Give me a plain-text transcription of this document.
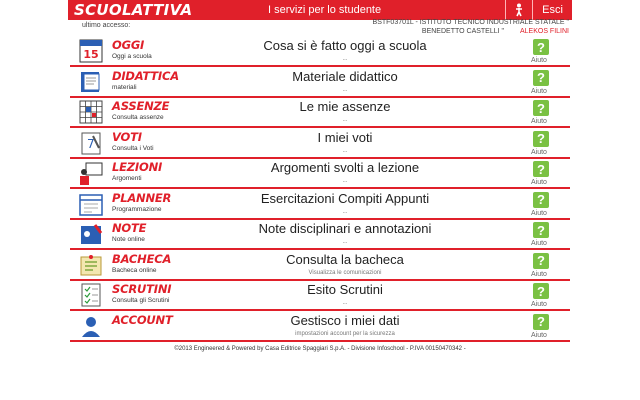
SCUOLATTIVA	I servizi per lo studente	Esci
ultimo accesso:	BSTF03701L - ISTITUTO TECNICO INDUSTRIALE STATALE " BENEDETTO CASTELLI " ALEKOS FILINI
15
OGGI
Oggi a scuola
Cosa si è fatto oggi a scuola
...
?
Aiuto
DIDATTICA
materiali
Materiale didattico
...
?
Aiuto
ASSENZE
Consulta assenze
Le mie assenze
...
?
Aiuto
7 VOTI
Consulta i Voti
I miei voti
...
?
Aiuto
LEZIONI
Argomenti
Argomenti svolti a lezione
...
?
Aiuto
PLANNER
Programmazione
Esercitazioni Compiti Appunti
...
?
Aiuto
NOTE
Note online
Note disciplinari e annotazioni
...
?
Aiuto
BACHECA
Bacheca online
Consulta la bacheca
Visualizza le comunicazioni
?
Aiuto
SCRUTINI
Consulta gli Scrutini
Esito Scrutini
...
?
Aiuto
ACCOUNT	Gestisco i miei dati
impostazioni account per la sicurezza
?
Aiuto
©2013 Engineered & Powered by Casa Editrice Spaggiari S.p.A. - Divisione Infoschool - P.IVA 00150470342 -
